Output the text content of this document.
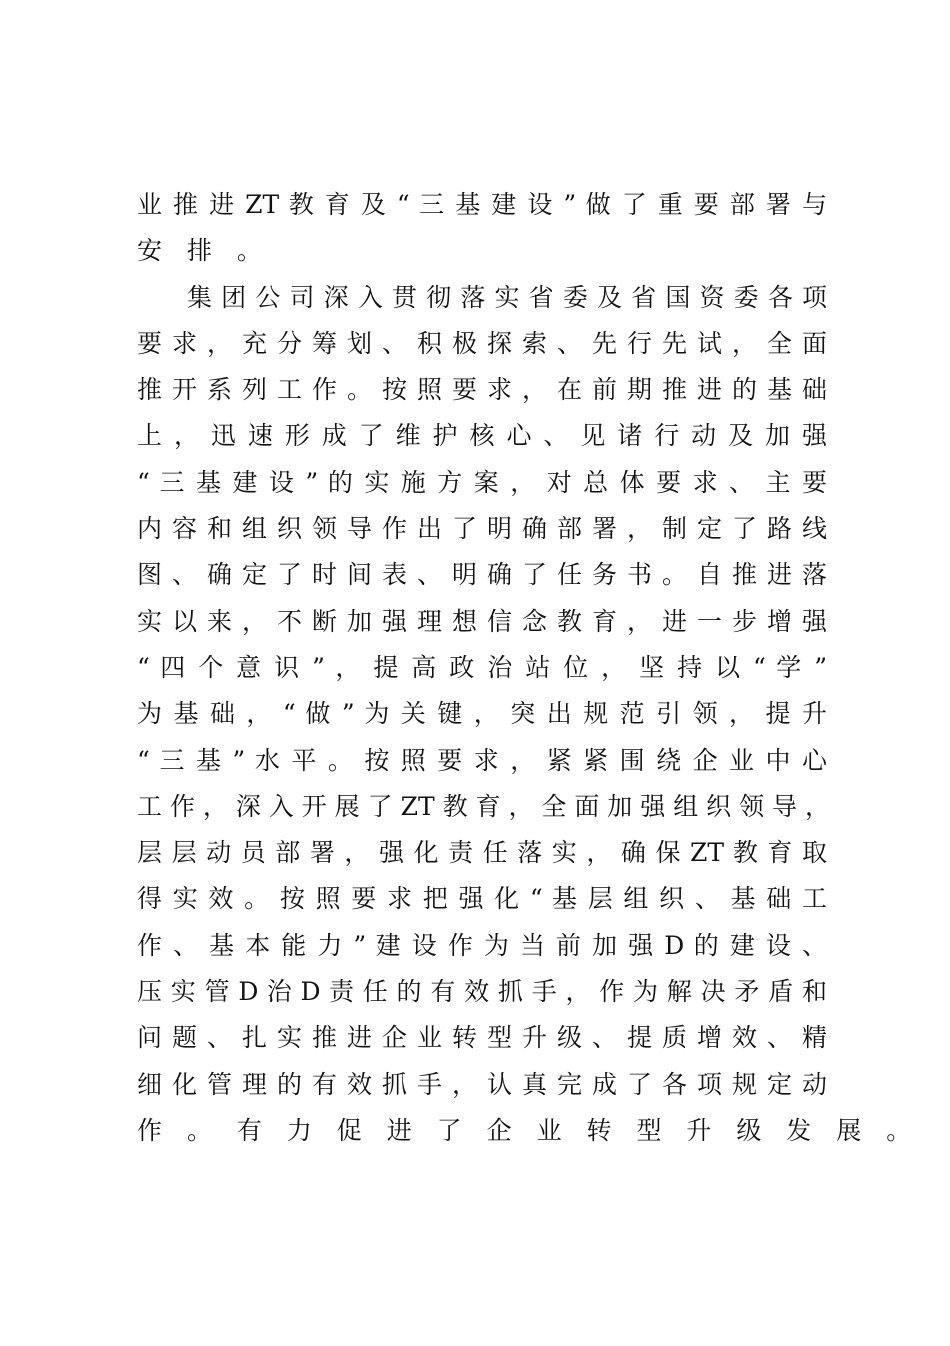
业 推 进 ZT 教 育 及 “ 三 基 建 设 ” 做 了 重 要 部 署 与
安 排 。
集 团 公 司 深 入 贯 彻 落 实 省 委 及 省 国 资 委 各 项
要 求 ， 充 分 筹 划 、 积 极 探 索 、 先 行 先 试 ， 全 面
推 开 系 列 工 作 。 按 照 要 求 ， 在 前 期 推 进 的 基 础
上 ， 迅 速 形 成 了 维 护 核 心 、 见 诸 行 动 及 加 强
“ 三 基 建 设 ” 的 实 施 方 案 ， 对 总 体 要 求 、 主 要
内 容 和 组 织 领 导 作 出 了 明 确 部 署 ， 制 定 了 路 线
图 、 确 定 了 时 间 表 、 明 确 了 任 务 书 。 自 推 进 落
实 以 来 ， 不 断 加 强 理 想 信 念 教 育 ， 进 一 步 增 强
“ 四 个 意 识 ” ， 提 高 政 治 站 位 ， 坚 持 以 “ 学 ”
为 基 础 ， “ 做 ” 为 关 键 ， 突 出 规 范 引 领 ， 提 升
“ 三 基 ” 水 平 。 按 照 要 求 ， 紧 紧 围 绕 企 业 中 心
工 作 ， 深 入 开 展 了 ZT 教 育 ， 全 面 加 强 组 织 领 导 ，
层 层 动 员 部 署 ， 强 化 责 任 落 实 ， 确 保 ZT 教 育 取
得 实 效 。 按 照 要 求 把 强 化 “ 基 层 组 织 、 基 础 工
作 、 基 本 能 力 ” 建 设 作 为 当 前 加 强 D 的 建 设 、
压 实 管 D 治 D 责 任 的 有 效 抓 手 ， 作 为 解 决 矛 盾 和
问 题 、 扎 实 推 进 企 业 转 型 升 级 、 提 质 增 效 、 精
细 化 管 理 的 有 效 抓 手 ， 认 真 完 成 了 各 项 规 定 动
作 。 有 力 促 进 了 企 业 转 型 升 级 发 展 。
